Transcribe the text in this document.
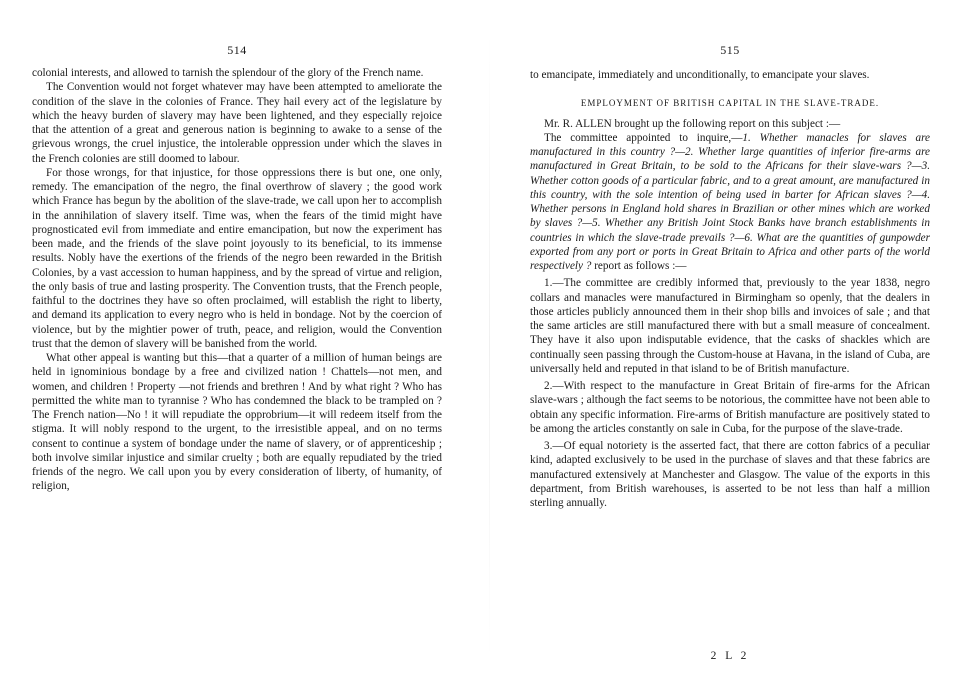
514

colonial interests, and allowed to tarnish the splendour of the glory of the French name.

The Convention would not forget whatever may have been attempted to ameliorate the condition of the slave in the colonies of France. They hail every act of the legislature by which the heavy burden of slavery may have been lightened, and they especially rejoice that the attention of a great and generous nation is beginning to awake to a sense of the grievous wrongs, the cruel injustice, the intolerable oppression under which the slaves in the French colonies are still doomed to labour.

For those wrongs, for that injustice, for those oppressions there is but one, one only, remedy. The emancipation of the negro, the final overthrow of slavery ; the good work which France has begun by the abolition of the slave-trade, we call upon her to accomplish in the annihilation of slavery itself. Time was, when the fears of the timid might have prognosticated evil from immediate and entire emancipation, but now the experiment has been made, and the friends of the slave point joyously to its beneficial, to its immense results. Nobly have the exertions of the friends of the negro been rewarded in the British Colonies, by a vast accession to human happiness, and by the spread of virtue and religion, the only basis of true and lasting prosperity. The Convention trusts, that the French people, faithful to the doctrines they have so often proclaimed, will establish the right to liberty, and demand its application to every negro who is held in bondage. Not by the coercion of violence, but by the mightier power of truth, peace, and religion, would the Convention trust that the demon of slavery will be banished from the world.

What other appeal is wanting but this—that a quarter of a million of human beings are held in ignominious bondage by a free and civilized nation ! Chattels—not men, and women, and children ! Property —not friends and brethren ! And by what right ? Who has permitted the white man to tyrannise ? Who has condemned the black to be trampled on ? The French nation—No ! it will repudiate the opprobrium—it will redeem itself from the stigma. It will nobly respond to the urgent, to the irresistible appeal, and on no terms consent to continue a system of bondage under the name of slavery, or of apprenticeship ; both involve similar injustice and similar cruelty ; both are equally repudiated by the tried friends of the negro. We call upon you by every consideration of liberty, of humanity, of religion,

515

to emancipate, immediately and unconditionally, to emancipate your slaves.

EMPLOYMENT OF BRITISH CAPITAL IN THE SLAVE-TRADE.

Mr. R. ALLEN brought up the following report on this subject :—

The committee appointed to inquire,—1. Whether manacles for slaves are manufactured in this country ?—2. Whether large quantities of inferior fire-arms are manufactured in Great Britain, to be sold to the Africans for their slave-wars ?—3. Whether cotton goods of a particular fabric, and to a great amount, are manufactured in this country, with the sole intention of being used in barter for African slaves ?—4. Whether persons in England hold shares in Brazilian or other mines which are worked by slaves ?—5. Whether any British Joint Stock Banks have branch establishments in countries in which the slave-trade prevails ?—6. What are the quantities of gunpowder exported from any port or ports in Great Britain to Africa and other parts of the world respectively ? report as follows :—

1.—The committee are credibly informed that, previously to the year 1838, negro collars and manacles were manufactured in Birmingham so openly, that the dealers in those articles publicly announced them in their shop bills and invoices of sale ; and that the same articles are still manufactured there with but a small measure of concealment. They have it also upon indisputable evidence, that the casks of shackles which are continually seen passing through the Custom-house at Havana, in the island of Cuba, are universally held and reputed in that island to be of British manufacture.

2.—With respect to the manufacture in Great Britain of fire-arms for the African slave-wars ; although the fact seems to be notorious, the committee have not been able to obtain any specific information. Fire-arms of British manufacture are positively stated to be among the articles constantly on sale in Cuba, for the purpose of the slave-trade.

3.—Of equal notoriety is the asserted fact, that there are cotton fabrics of a peculiar kind, adapted exclusively to be used in the purchase of slaves and that these fabrics are manufactured extensively at Manchester and Glasgow. The value of the exports in this department, from British warehouses, is asserted to be not less than half a million sterling annually.

2 L 2
